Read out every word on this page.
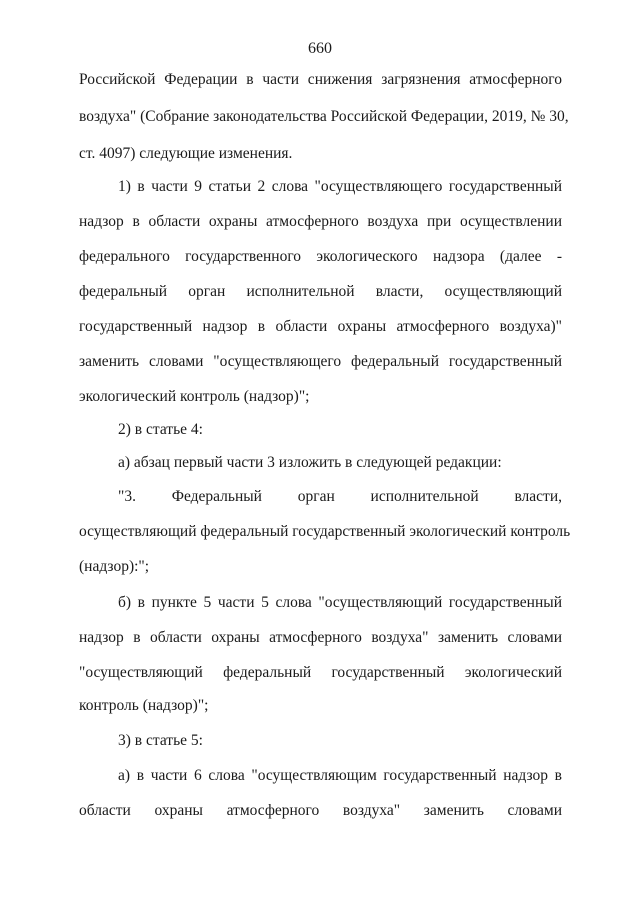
660
Российской Федерации в части снижения загрязнения атмосферного
воздуха" (Собрание законодательства Российской Федерации, 2019, № 30,
ст. 4097) следующие изменения.
1) в части 9 статьи 2 слова "осуществляющего государственный
надзор в области охраны атмосферного воздуха при осуществлении
федерального государственного экологического надзора (далее -
федеральный орган исполнительной власти, осуществляющий
государственный надзор в области охраны атмосферного воздуха)"
заменить словами "осуществляющего федеральный государственный
экологический контроль (надзор)";
2) в статье 4:
а) абзац первый части 3 изложить в следующей редакции:
"3. Федеральный орган исполнительной власти,
осуществляющий федеральный государственный экологический контроль
(надзор):";
б) в пункте 5 части 5 слова "осуществляющий государственный
надзор в области охраны атмосферного воздуха" заменить словами
"осуществляющий федеральный государственный экологический
контроль (надзор)";
3) в статье 5:
а) в части 6 слова "осуществляющим государственный надзор в
области охраны атмосферного воздуха" заменить словами
